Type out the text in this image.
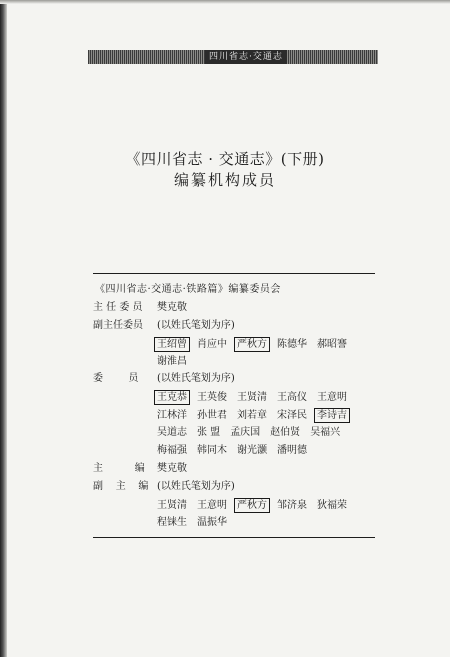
四川省志·交通志
《四川省志 · 交通志》(下册)
编纂机构成员
《四川省志·交通志·铁路篇》编纂委员会
主 任 委 员 樊克敬
副主任委员 (以姓氏笔划为序)
王绍曾 肖应中 严秋方 陈德华 郝昭謇
谢淮昌
委        员 (以姓氏笔划为序)
王克恭 王英俊 王贤清 王高仪 王意明
江林洋 孙世君 刘若章 宋泽民 李诗吉
吴道志 张 盟 孟庆国 赵伯贤 吴福兴
梅福强 韩同木 谢光灏 潘明德
主          编 樊克敬
副    主    编 (以姓氏笔划为序)
王贤清 王意明 严秋方 邹济泉 狄福荣
程铼生 温振华
